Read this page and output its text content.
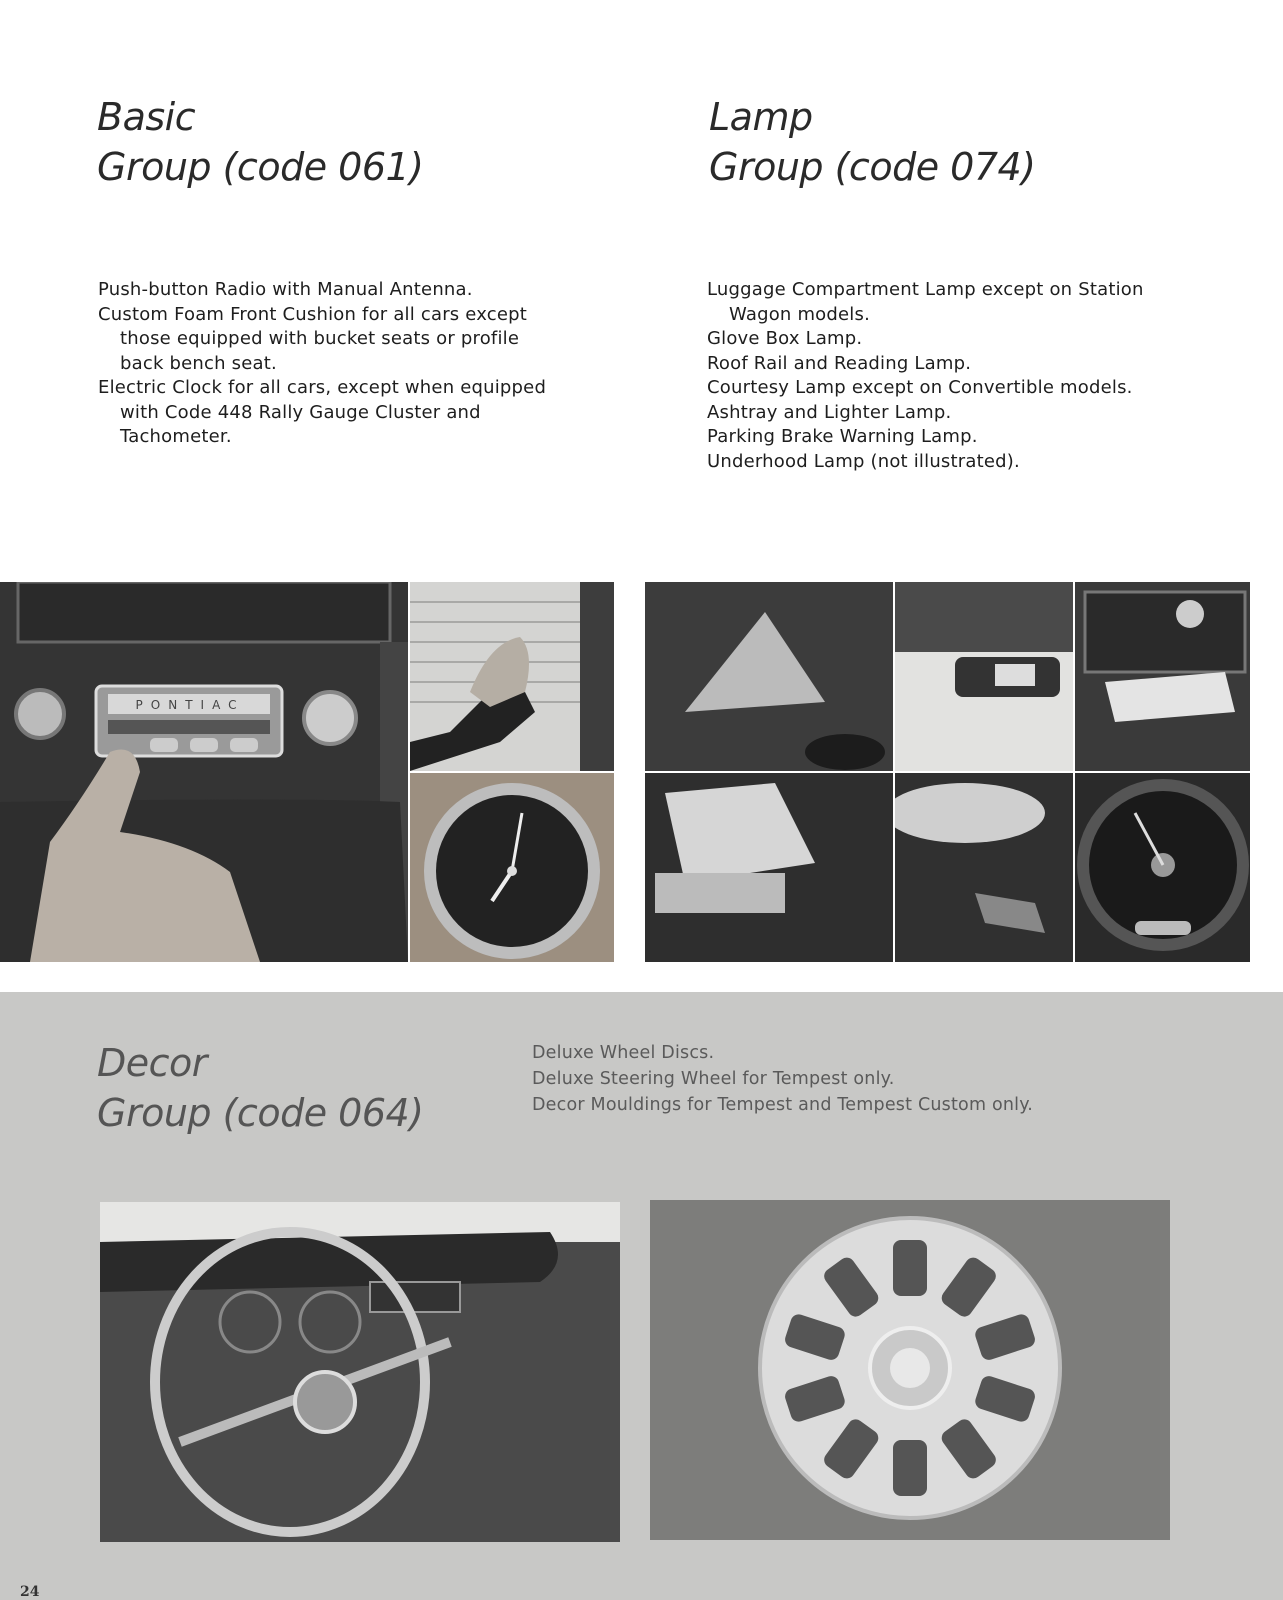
Basic
Group (code 061)
Push-button Radio with Manual Antenna.
Custom Foam Front Cushion for all cars except those equipped with bucket seats or profile back bench seat.
Electric Clock for all cars, except when equipped with Code 448 Rally Gauge Cluster and Tachometer.
Lamp
Group (code 074)
Luggage Compartment Lamp except on Station Wagon models.
Glove Box Lamp.
Roof Rail and Reading Lamp.
Courtesy Lamp except on Convertible models.
Ashtray and Lighter Lamp.
Parking Brake Warning Lamp.
Underhood Lamp (not illustrated).
PONTIAC
Decor
Group (code 064)
Deluxe Wheel Discs.
Deluxe Steering Wheel for Tempest only.
Decor Mouldings for Tempest and Tempest Custom only.
24
